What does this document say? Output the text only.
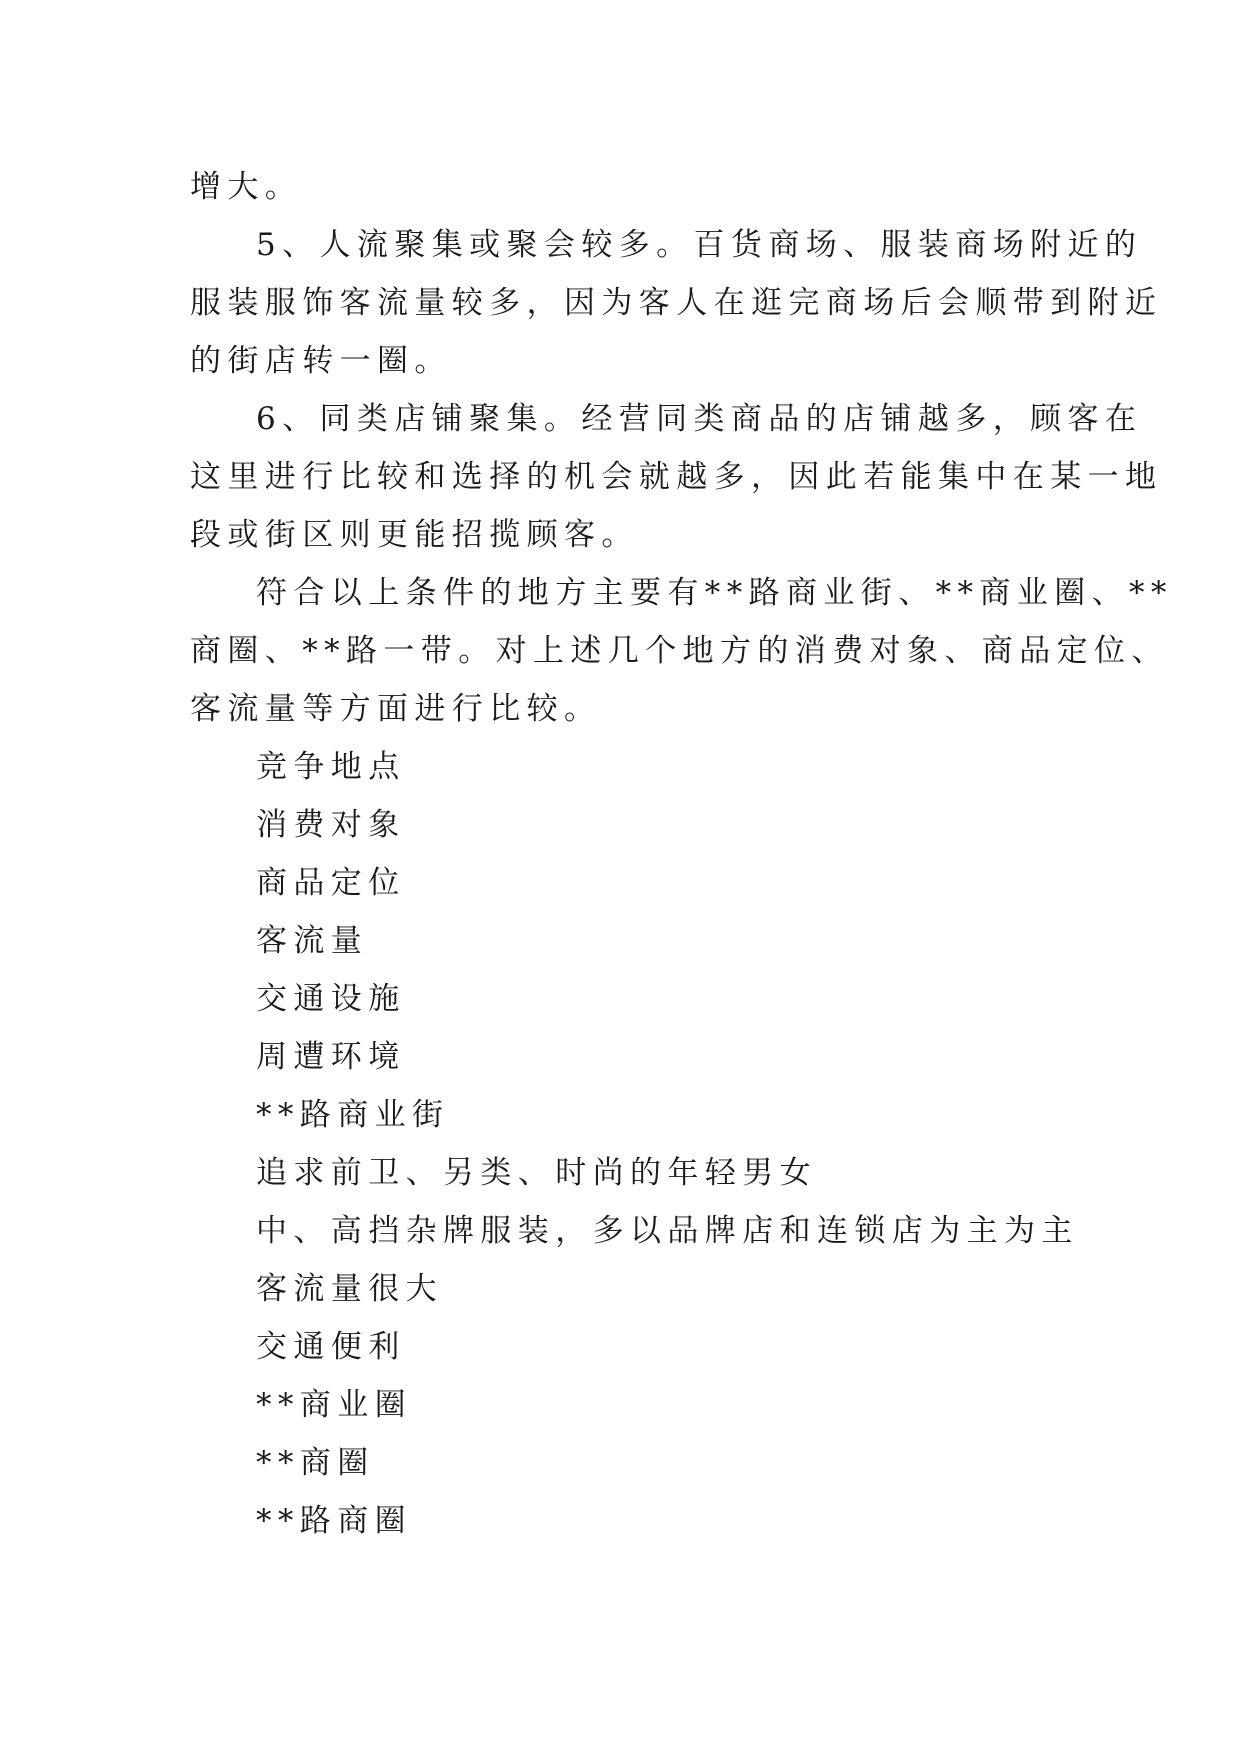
增大。
5、人流聚集或聚会较多。百货商场、服装商场附近的
服装服饰客流量较多，因为客人在逛完商场后会顺带到附近
的街店转一圈。
6、同类店铺聚集。经营同类商品的店铺越多，顾客在
这里进行比较和选择的机会就越多，因此若能集中在某一地
段或街区则更能招揽顾客。
符合以上条件的地方主要有**路商业街、**商业圈、**
商圈、**路一带。对上述几个地方的消费对象、商品定位、
客流量等方面进行比较。
竞争地点
消费对象
商品定位
客流量
交通设施
周遭环境
**路商业街
追求前卫、另类、时尚的年轻男女
中、高挡杂牌服装，多以品牌店和连锁店为主为主
客流量很大
交通便利
**商业圈
**商圈
**路商圈
